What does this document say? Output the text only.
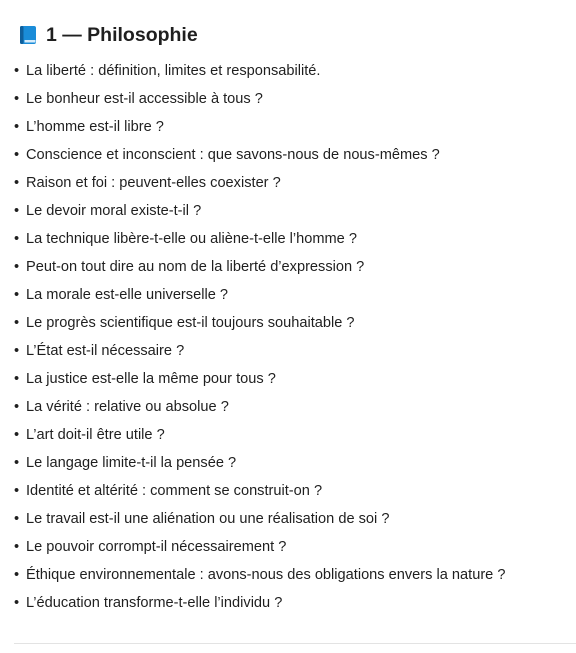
1 — Philosophie
• La liberté : définition, limites et responsabilité.
• Le bonheur est-il accessible à tous ?
• L’homme est-il libre ?
• Conscience et inconscient : que savons-nous de nous-mêmes ?
• Raison et foi : peuvent-elles coexister ?
• Le devoir moral existe-t-il ?
• La technique libère-t-elle ou aliène-t-elle l’homme ?
• Peut-on tout dire au nom de la liberté d’expression ?
• La morale est-elle universelle ?
• Le progrès scientifique est-il toujours souhaitable ?
• L’État est-il nécessaire ?
• La justice est-elle la même pour tous ?
• La vérité : relative ou absolue ?
• L’art doit-il être utile ?
• Le langage limite-t-il la pensée ?
• Identité et altérité : comment se construit-on ?
• Le travail est-il une aliénation ou une réalisation de soi ?
• Le pouvoir corrompt-il nécessairement ?
• Éthique environnementale : avons-nous des obligations envers la nature ?
• L’éducation transforme-t-elle l’individu ?
